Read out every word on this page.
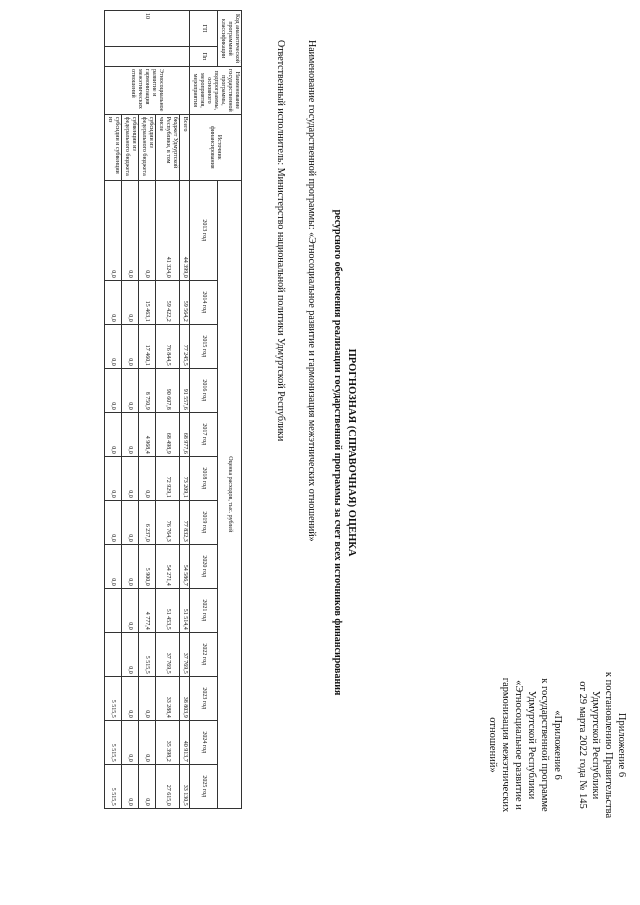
Приложение 6

к постановлению Правительства

Удмуртской Республики

от 29 марта 2022 года № 145

«Приложение 6

к государственной программе

Удмуртской Республики

«Этносоциальное развитие и

гармонизация межэтнических

отношений»

ПРОГНОЗНАЯ (СПРАВОЧНАЯ) ОЦЕНКА
ресурсного обеспечения реализации государственной программы за счет всех источников финансирования
Наименование государственной программы: «Этносоциальное развитие и гармонизация межэтнических отношений»
Ответственный исполнитель: Министерство национальной политики Удмуртской Республики
Код аналитической программной классификации		Наименование государственной программы, подпрограммы, основного мероприятия, мероприятия	Источник финансирования	Оценка расходов, тыс. рублей												
ГП	Пп			2013 год	2014 год	2015 год	2016 год	2017 год	2018 год	2019 год	2020 год	2021 год	2022 год	2023 год	2024 год	2025 год

10		Этносоциальное развитие и гармонизация межэтнических отношений	Всего	44 399,0	59 564,2	77 245,5	91 557,6	68 977,6	73 209,1	77 832,3	54 586,7	51 514,4	37 769,5	38 803,9	40 913,7	33 130,5
			бюджет Удмуртской Республики, в том числе	41 324,0	59 422,2	76 844,5	90 607,8	68 498,9	72 929,1	76 764,3	54 271,4	51 453,5	37 769,5	33 288,4	35 398,2	27 615,0
			субсидии из федерального бюджета	0,0	15 463,1	17 460,1	8 750,9	4 968,4	0,0	6 237,0	5 900,0	4 777,4	5 515,5	0,0	0,0	0,0
			субвенции из федерального бюджета	0,0	0,0	0,0	0,0	0,0	0,0	0,0	0,0	0,0	0,0	0,0	0,0	0,0
			субсидии и субвенции из	0,0	0,0	0,0	0,0	0,0	0,0	0,0	0,0			5 515,5	5 515,5	5 515,5
